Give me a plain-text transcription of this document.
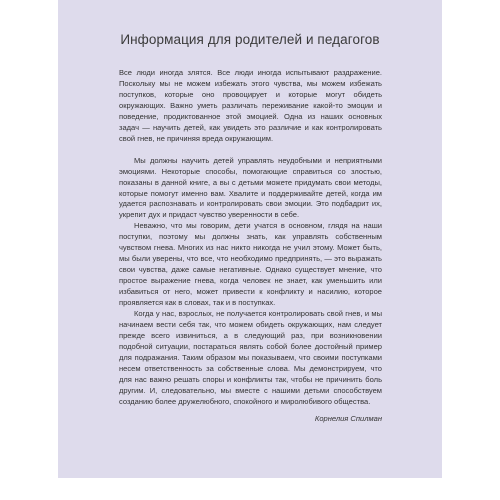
Информация для родителей и педагогов

Все люди иногда злятся. Все люди иногда испытывают раздражение. Поскольку мы не можем избежать этого чувства, мы можем избежать поступков, которые оно провоцирует и которые могут обидеть окружающих. Важно уметь различать переживание какой-то эмоции и поведение, продиктованное этой эмоцией. Одна из наших основных задач — научить детей, как увидеть это различие и как контролировать свой гнев, не причиняя вреда окружающим.

Мы должны научить детей управлять неудобными и неприятными эмоциями. Некоторые способы, помогающие справиться со злостью, показаны в данной книге, а вы с детьми можете придумать свои методы, которые помогут именно вам. Хвалите и поддерживайте детей, когда им удается распознавать и контролировать свои эмоции. Это подбадрит их, укрепит дух и придаст чувство уверенности в себе.

Неважно, что мы говорим, дети учатся в основном, глядя на наши поступки, поэтому мы должны знать, как управлять собственным чувством гнева. Многих из нас никто никогда не учил этому. Может быть, мы были уверены, что все, что необходимо предпринять, — это выражать свои чувства, даже самые негативные. Однако существует мнение, что простое выражение гнева, когда человек не знает, как уменьшить или избавиться от него, может привести к конфликту и насилию, которое проявляется как в словах, так и в поступках.

Когда у нас, взрослых, не получается контролировать свой гнев, и мы начинаем вести себя так, что можем обидеть окружающих, нам следует прежде всего извиниться, а в следующий раз, при возникновении подобной ситуации, постараться являть собой более достойный пример для подражания. Таким образом мы показываем, что своими поступками несем ответственность за собственные слова. Мы демонстрируем, что для нас важно решать споры и конфликты так, чтобы не причинить боль другим. И, следовательно, мы вместе с нашими детьми способствуем созданию более дружелюбного, спокойного и миролюбивого общества.

Корнелия Спилман
